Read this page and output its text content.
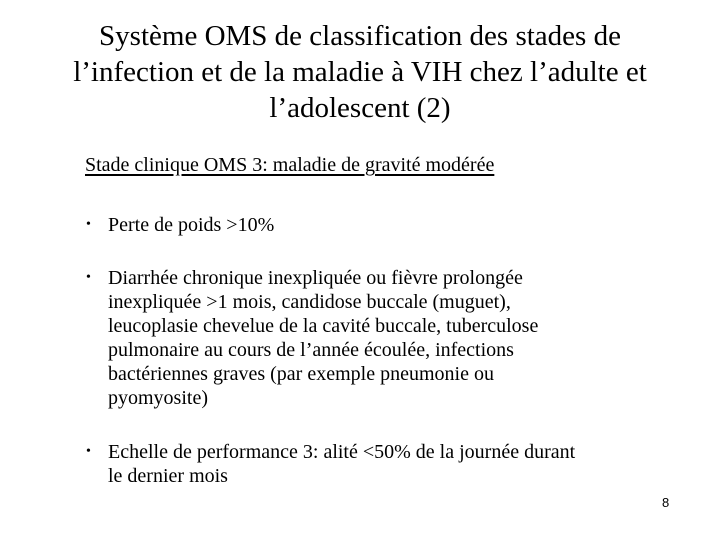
Système OMS de classification des stades de
l’infection et de la maladie à VIH chez l’adulte et
l’adolescent (2)
Stade clinique OMS 3: maladie de gravité modérée
• Perte de poids >10%
• Diarrhée chronique inexpliquée ou fièvre prolongée
inexpliquée >1 mois, candidose buccale (muguet),
leucoplasie chevelue de la cavité buccale, tuberculose
pulmonaire au cours de l’année écoulée, infections
bactériennes graves (par exemple pneumonie ou
pyomyosite)
• Echelle de performance 3: alité <50% de la journée durant
le dernier mois
8
